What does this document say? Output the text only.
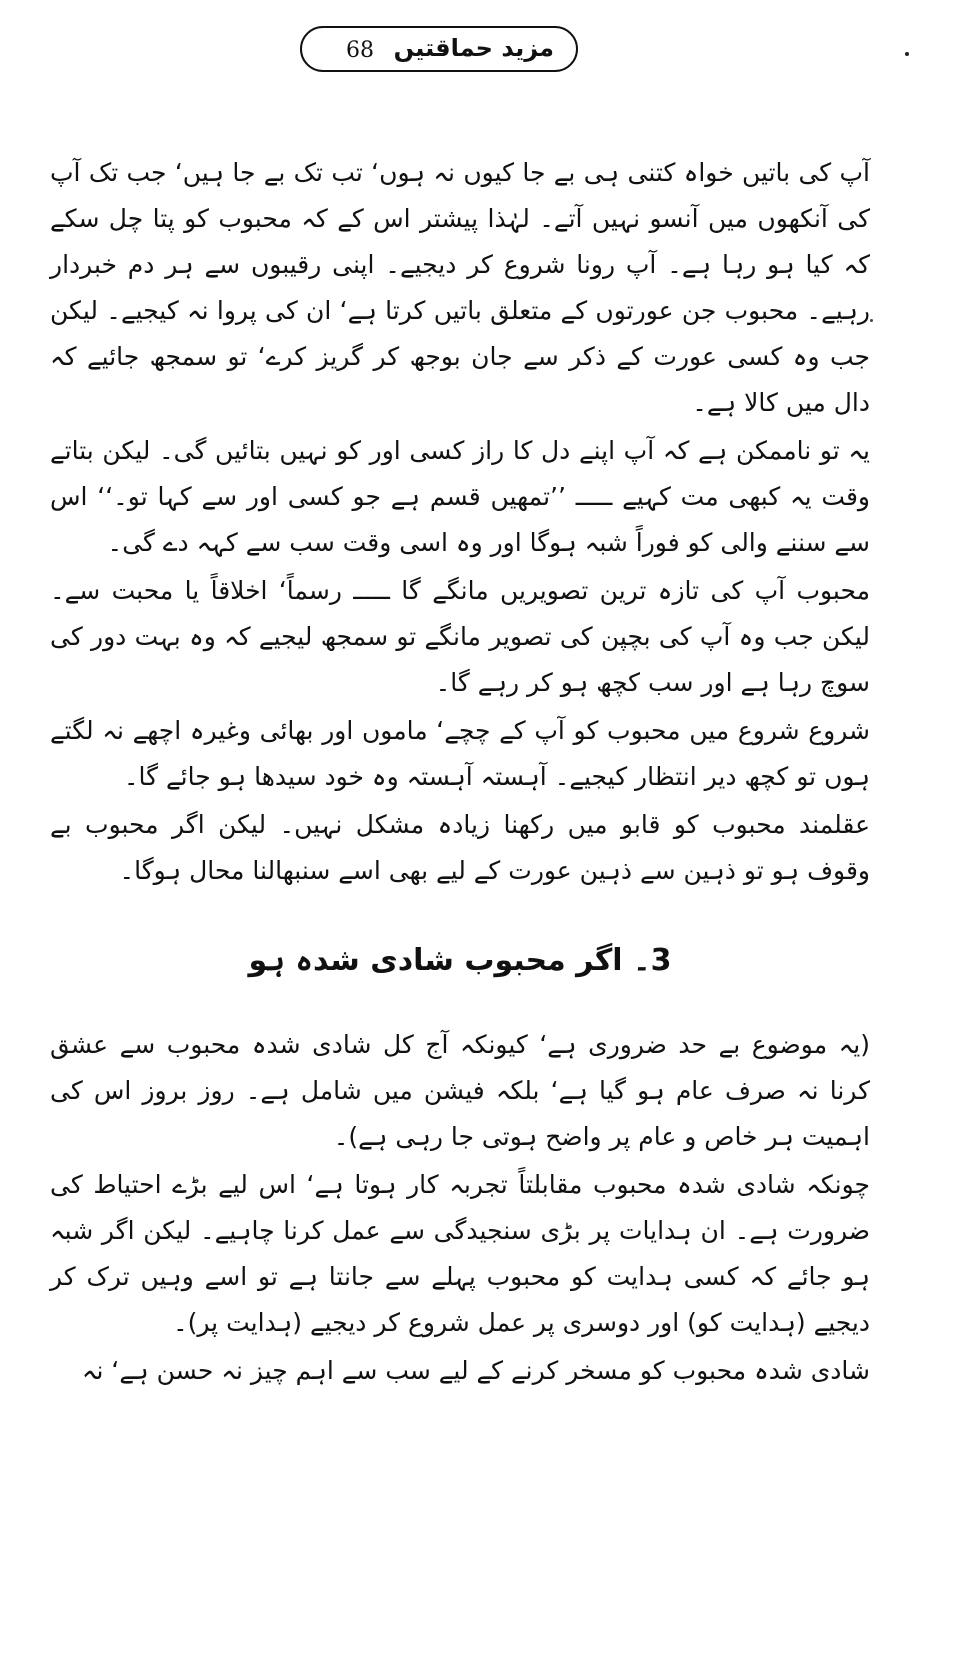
68 مزید حماقتیں

آپ کی باتیں خواہ کتنی ہی بے جا کیوں نہ ہوں‘ تب تک بے جا ہیں‘ جب تک آپ کی آنکھوں میں آنسو نہیں آتے۔ لہٰذا پیشتر اس کے کہ محبوب کو پتا چل سکے کہ کیا ہو رہا ہے۔ آپ رونا شروع کر دیجیے۔ اپنی رقیبوں سے ہر دم خبردار رہیے۔ محبوب جن عورتوں کے متعلق باتیں کرتا ہے‘ ان کی پروا نہ کیجیے۔ لیکن جب وہ کسی عورت کے ذکر سے جان بوجھ کر گریز کرے‘ تو سمجھ جائیے کہ دال میں کالا ہے۔

یہ تو ناممکن ہے کہ آپ اپنے دل کا راز کسی اور کو نہیں بتائیں گی۔ لیکن بتاتے وقت یہ کبھی مت کہیے ـــــ ’’تمھیں قسم ہے جو کسی اور سے کہا تو۔‘‘ اس سے سننے والی کو فوراً شبہ ہوگا اور وہ اسی وقت سب سے کہہ دے گی۔

محبوب آپ کی تازہ ترین تصویریں مانگے گا ـــــ رسماً‘ اخلاقاً یا محبت سے۔ لیکن جب وہ آپ کی بچپن کی تصویر مانگے تو سمجھ لیجیے کہ وہ بہت دور کی سوچ رہا ہے اور سب کچھ ہو کر رہے گا۔

شروع شروع میں محبوب کو آپ کے چچے‘ ماموں اور بھائی وغیرہ اچھے نہ لگتے ہوں تو کچھ دیر انتظار کیجیے۔ آہستہ آہستہ وہ خود سیدھا ہو جائے گا۔

عقلمند محبوب کو قابو میں رکھنا زیادہ مشکل نہیں۔ لیکن اگر محبوب بے وقوف ہو تو ذہین سے ذہین عورت کے لیے بھی اسے سنبھالنا محال ہوگا۔

3۔ اگر محبوب شادی شدہ ہو

(یہ موضوع بے حد ضروری ہے‘ کیونکہ آج کل شادی شدہ محبوب سے عشق کرنا نہ صرف عام ہو گیا ہے‘ بلکہ فیشن میں شامل ہے۔ روز بروز اس کی اہمیت ہر خاص و عام پر واضح ہوتی جا رہی ہے)۔

چونکہ شادی شدہ محبوب مقابلتاً تجربہ کار ہوتا ہے‘ اس لیے بڑے احتیاط کی ضرورت ہے۔ ان ہدایات پر بڑی سنجیدگی سے عمل کرنا چاہیے۔ لیکن اگر شبہ ہو جائے کہ کسی ہدایت کو محبوب پہلے سے جانتا ہے تو اسے وہیں ترک کر دیجیے (ہدایت کو) اور دوسری پر عمل شروع کر دیجیے (ہدایت پر)۔

شادی شدہ محبوب کو مسخر کرنے کے لیے سب سے اہم چیز نہ حسن ہے‘ نہ
